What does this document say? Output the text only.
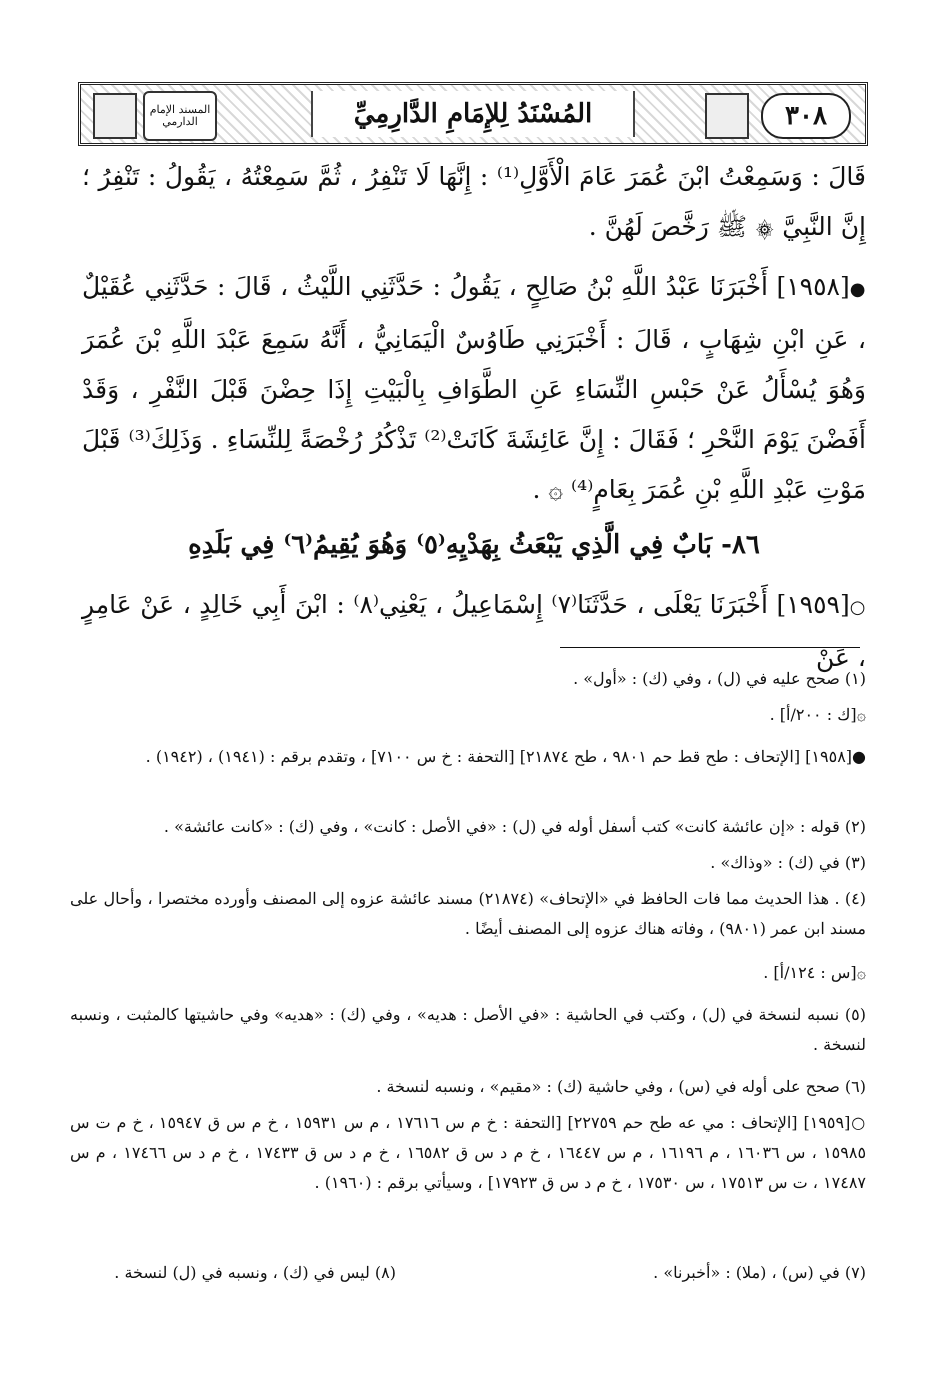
المسند الإمام الدارمي	المُسْنَدُ لِلإِمَامِ الدَّارِمِيِّ	٣٠٨
قَالَ : وَسَمِعْتُ ابْنَ عُمَرَ عَامَ الْأَوَّلِ⁽¹⁾ : إِنَّهَا لَا تَنْفِرُ ، ثُمَّ سَمِعْتُهُ ، يَقُولُ : تَنْفِرُ ؛ إِنَّ النَّبِيَّ ۞ ﷺ رَخَّصَ لَهُنَّ .
●[١٩٥٨] أَخْبَرَنَا عَبْدُ اللَّهِ بْنُ صَالِحٍ ، يَقُولُ : حَدَّثَنِي اللَّيْثُ ، قَالَ : حَدَّثَنِي عُقَيْلٌ ، عَنِ ابْنِ شِهَابٍ ، قَالَ : أَخْبَرَنِي طَاوُسٌ الْيَمَانِيُّ ، أَنَّهُ سَمِعَ عَبْدَ اللَّهِ بْنَ عُمَرَ وَهُوَ يُسْأَلُ عَنْ حَبْسِ النِّسَاءِ عَنِ الطَّوَافِ بِالْبَيْتِ إِذَا حِضْنَ قَبْلَ النَّفْرِ ، وَقَدْ أَفَضْنَ يَوْمَ النَّحْرِ ؛ فَقَالَ : إِنَّ عَائِشَةَ كَانَتْ⁽²⁾ تَذْكُرُ رُخْصَةً لِلنِّسَاءِ . وَذَلِكَ⁽³⁾ قَبْلَ مَوْتِ عَبْدِ اللَّهِ بْنِ عُمَرَ بِعَامٍ⁽⁴⁾ ۞ .
٨٦- بَابٌ فِي الَّذِي يَبْعَثُ بِهَدْيِهِ⁽٥⁾ وَهُوَ يُقِيمُ⁽٦⁾ فِي بَلَدِهِ
○[١٩٥٩] أَخْبَرَنَا يَعْلَى ، حَدَّثَنَا⁽٧⁾ إِسْمَاعِيلُ ، يَعْنِي⁽٨⁾ : ابْنَ أَبِي خَالِدٍ ، عَنْ عَامِرٍ ، عَنْ
(١) صحح عليه في (ل) ، وفي (ك) : «أول» .
۞[ك : ٢٠٠/أ] .
●[١٩٥٨] [الإتحاف : طح قط حم ٩٨٠١ ، طح ٢١٨٧٤] [التحفة : خ س ٧١٠٠] ، وتقدم برقم : (١٩٤١) ، (١٩٤٢) .
(٢) قوله : «إن عائشة كانت» كتب أسفل أوله في (ل) : «في الأصل : كانت» ، وفي (ك) : «كانت عائشة» .
(٣) في (ك) : «وذاك» .
(٤) . هذا الحديث مما فات الحافظ في «الإتحاف» (٢١٨٧٤) مسند عائشة عزوه إلى المصنف وأورده مختصرا ، وأحال على مسند ابن عمر (٩٨٠١) ، وفاته هناك عزوه إلى المصنف أيضًا .
۞[س : ١٢٤/أ] .
(٥) نسبه لنسخة في (ل) ، وكتب في الحاشية : «في الأصل : هديه» ، وفي (ك) : «هديه» وفي حاشيتها كالمثبت ، ونسبه لنسخة .
(٦) صحح على أوله في (س) ، وفي حاشية (ك) : «مقيم» ، ونسبه لنسخة .
○[١٩٥٩] [الإتحاف : مي عه طح حم ٢٢٧٥٩] [التحفة : خ م س ١٧٦١٦ ، م س ١٥٩٣١ ، خ م س ق ١٥٩٤٧ ، خ م ت س ١٥٩٨٥ ، س ١٦٠٣٦ ، م ١٦١٩٦ ، م س ١٦٤٤٧ ، خ م د س ق ١٦٥٨٢ ، خ م د س ق ١٧٤٣٣ ، خ م د س ١٧٤٦٦ ، م س ١٧٤٨٧ ، ت س ١٧٥١٣ ، س ١٧٥٣٠ ، خ م د س ق ١٧٩٢٣] ، وسيأتي برقم : (١٩٦٠) .
(٧) في (س) ، (ملا) : «أخبرنا» .
(٨) ليس في (ك) ، ونسبه في (ل) لنسخة .
